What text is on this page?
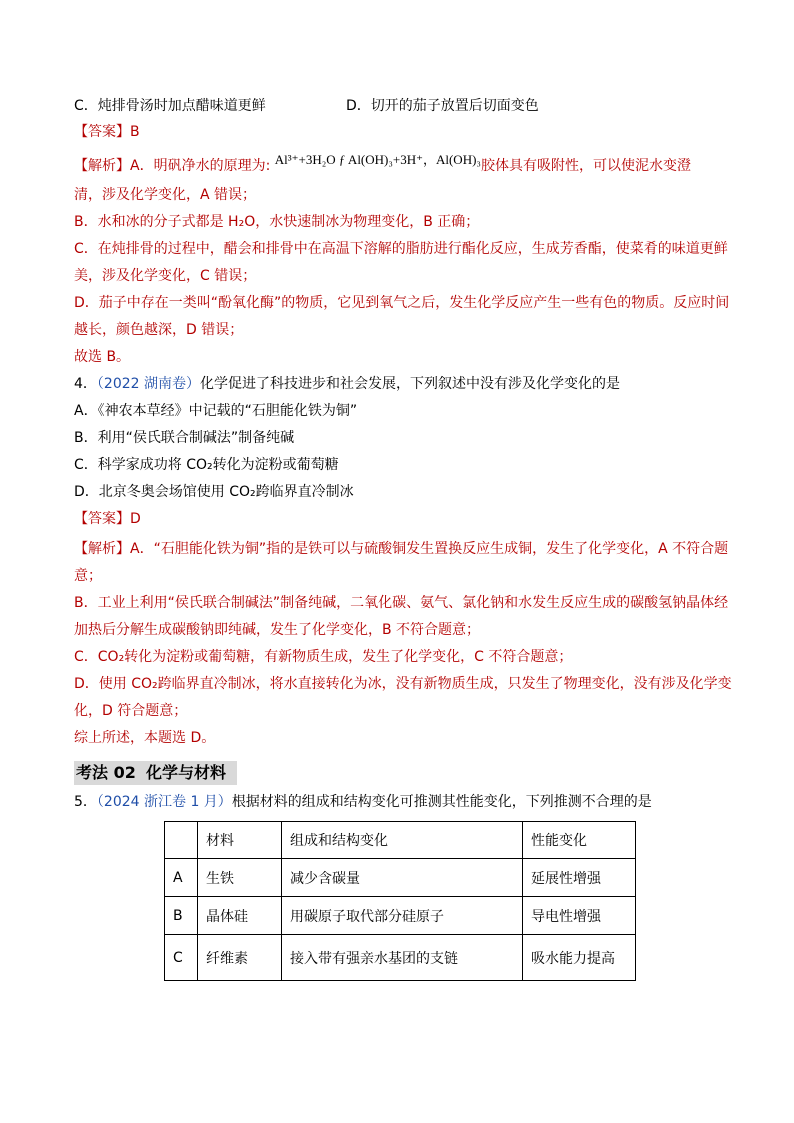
C．炖排骨汤时加点醋味道更鲜	D．切开的茄子放置后切面变色
【答案】B
【解析】A．明矾净水的原理为: Al³⁺+3H₂O ƒ Al(OH)₃+3H⁺，Al(OH)₃胶体具有吸附性，可以使泥水变澄
清，涉及化学变化，A 错误；
B．水和冰的分子式都是 H₂O，水快速制冰为物理变化，B 正确；
C．在炖排骨的过程中，醋会和排骨中在高温下溶解的脂肪进行酯化反应，生成芳香酯，使菜肴的味道更鲜
美，涉及化学变化，C 错误；
D．茄子中存在一类叫“酚氧化酶”的物质，它见到氧气之后，发生化学反应产生一些有色的物质。反应时间
越长，颜色越深，D 错误；
故选 B。
4．（2022 湖南卷）化学促进了科技进步和社会发展，下列叙述中没有涉及化学变化的是
A．《神农本草经》中记载的“石胆能化铁为铜”
B．利用“侯氏联合制碱法”制备纯碱
C．科学家成功将 CO₂转化为淀粉或葡萄糖
D．北京冬奥会场馆使用 CO₂跨临界直冷制冰
【答案】D
【解析】A．“石胆能化铁为铜”指的是铁可以与硫酸铜发生置换反应生成铜，发生了化学变化，A 不符合题
意；
B．工业上利用“侯氏联合制碱法”制备纯碱，二氧化碳、氨气、氯化钠和水发生反应生成的碳酸氢钠晶体经
加热后分解生成碳酸钠即纯碱，发生了化学变化，B 不符合题意；
C．CO₂转化为淀粉或葡萄糖，有新物质生成，发生了化学变化，C 不符合题意；
D．使用 CO₂跨临界直冷制冰，将水直接转化为冰，没有新物质生成，只发生了物理变化，没有涉及化学变
化，D 符合题意；
综上所述，本题选 D。
考法 02 化学与材料
5．（2024 浙江卷 1 月）根据材料的组成和结构变化可推测其性能变化，下列推测不合理的是
	材料	组成和结构变化	性能变化
A	生铁	减少含碳量	延展性增强
B	晶体硅	用碳原子取代部分硅原子	导电性增强
C	纤维素	接入带有强亲水基团的支链	吸水能力提高
